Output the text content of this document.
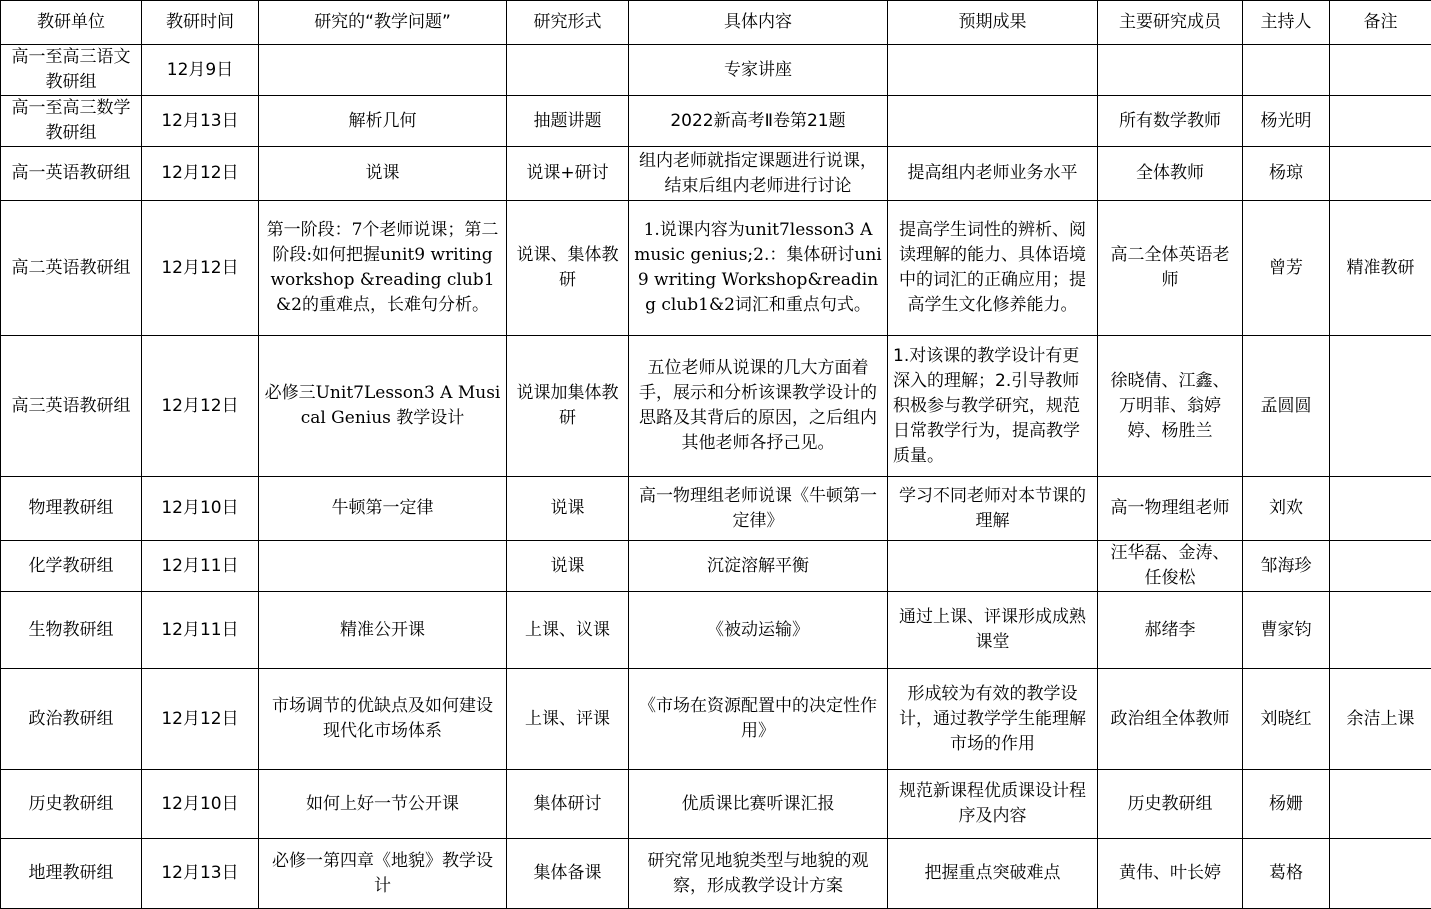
教研单位	教研时间	研究的“教学问题”	研究形式	具体内容	预期成果	主要研究成员	主持人	备注
高一至高三语文教研组	12月9日			专家讲座				
高一至高三数学教研组	12月13日	解析几何	抽题讲题	2022新高考Ⅱ卷第21题		所有数学教师	杨光明	
高一英语教研组	12月12日	说课	说课+研讨	组内老师就指定课题进行说课，结束后组内老师进行讨论	提高组内老师业务水平	全体教师	杨琼	
高二英语教研组	12月12日	第一阶段：7个老师说课；第二阶段:如何把握unit9 writing workshop &reading club1&2的重难点，长难句分析。	说课、集体教研	1.说课内容为unit7lesson3 A music genius;2.：集体研讨uni9 writing Workshop&reading club1&2词汇和重点句式。	提高学生词性的辨析、阅读理解的能力、具体语境中的词汇的正确应用；提高学生文化修养能力。	高二全体英语老师	曾芳	精准教研
高三英语教研组	12月12日	必修三Unit7Lesson3 A Musical Genius 教学设计	说课加集体教研	五位老师从说课的几大方面着手，展示和分析该课教学设计的思路及其背后的原因，之后组内其他老师各抒己见。	1.对该课的教学设计有更深入的理解；2.引导教师积极参与教学研究，规范日常教学行为，提高教学质量。	徐晓倩、江鑫、万明菲、翁婷婷、杨胜兰	孟圆圆	
物理教研组	12月10日	牛顿第一定律	说课	高一物理组老师说课《牛顿第一定律》	学习不同老师对本节课的理解	高一物理组老师	刘欢	
化学教研组	12月11日		说课	沉淀溶解平衡		汪华磊、金涛、任俊松	邹海珍	
生物教研组	12月11日	精准公开课	上课、议课	《被动运输》	通过上课、评课形成成熟课堂	郝绪李	曹家钧	
政治教研组	12月12日	市场调节的优缺点及如何建设现代化市场体系	上课、评课	《市场在资源配置中的决定性作用》	形成较为有效的教学设计，通过教学学生能理解市场的作用	政治组全体教师	刘晓红	余洁上课
历史教研组	12月10日	如何上好一节公开课	集体研讨	优质课比赛听课汇报	规范新课程优质课设计程序及内容	历史教研组	杨姗	
地理教研组	12月13日	必修一第四章《地貌》教学设计	集体备课	研究常见地貌类型与地貌的观察，形成教学设计方案	把握重点突破难点	黄伟、叶长婷	葛格	
